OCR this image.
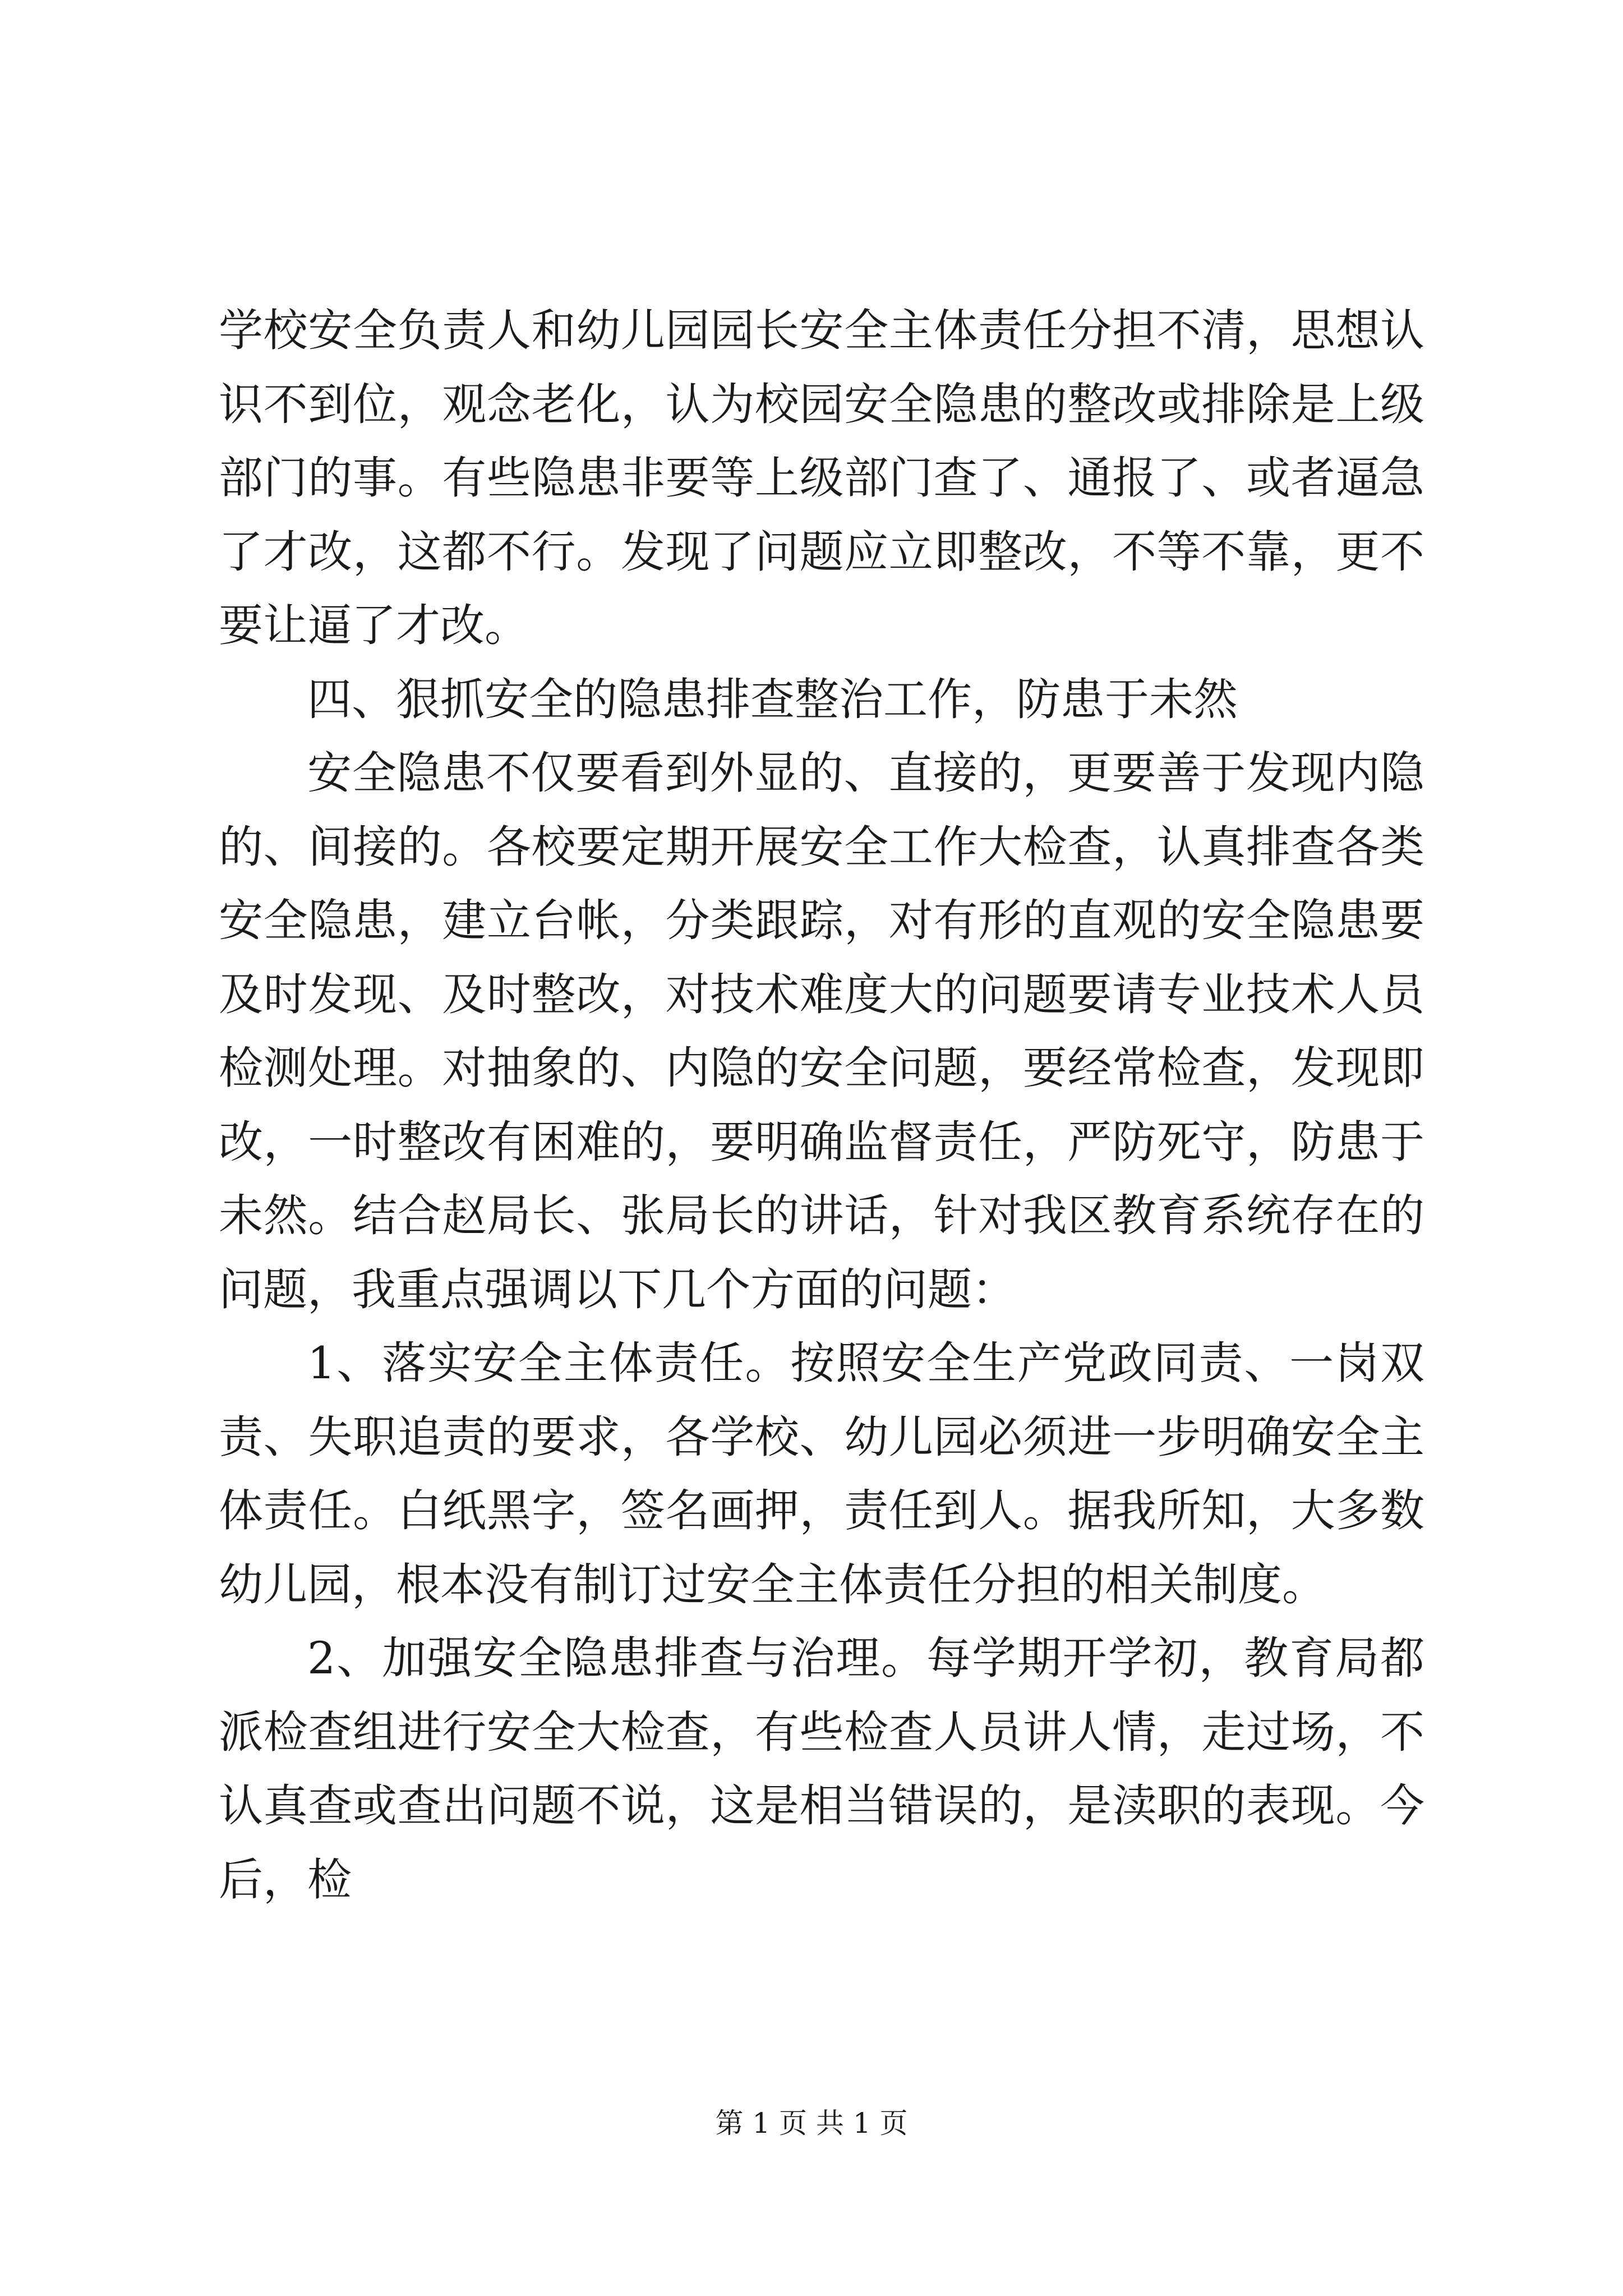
学校安全负责人和幼儿园园长安全主体责任分担不清，思想认识不到位，观念老化，认为校园安全隐患的整改或排除是上级部门的事。有些隐患非要等上级部门查了、通报了、或者逼急了才改，这都不行。发现了问题应立即整改，不等不靠，更不要让逼了才改。

四、狠抓安全的隐患排查整治工作，防患于未然

安全隐患不仅要看到外显的、直接的，更要善于发现内隐的、间接的。各校要定期开展安全工作大检查，认真排查各类安全隐患，建立台帐，分类跟踪，对有形的直观的安全隐患要及时发现、及时整改，对技术难度大的问题要请专业技术人员检测处理。对抽象的、内隐的安全问题，要经常检查，发现即改，一时整改有困难的，要明确监督责任，严防死守，防患于未然。结合赵局长、张局长的讲话，针对我区教育系统存在的问题，我重点强调以下几个方面的问题：

1、落实安全主体责任。按照安全生产党政同责、一岗双责、失职追责的要求，各学校、幼儿园必须进一步明确安全主体责任。白纸黑字，签名画押，责任到人。据我所知，大多数幼儿园，根本没有制订过安全主体责任分担的相关制度。

2、加强安全隐患排查与治理。每学期开学初，教育局都派检查组进行安全大检查，有些检查人员讲人情，走过场，不认真查或查出问题不说，这是相当错误的，是渎职的表现。今后，检

第 1 页 共 1 页
